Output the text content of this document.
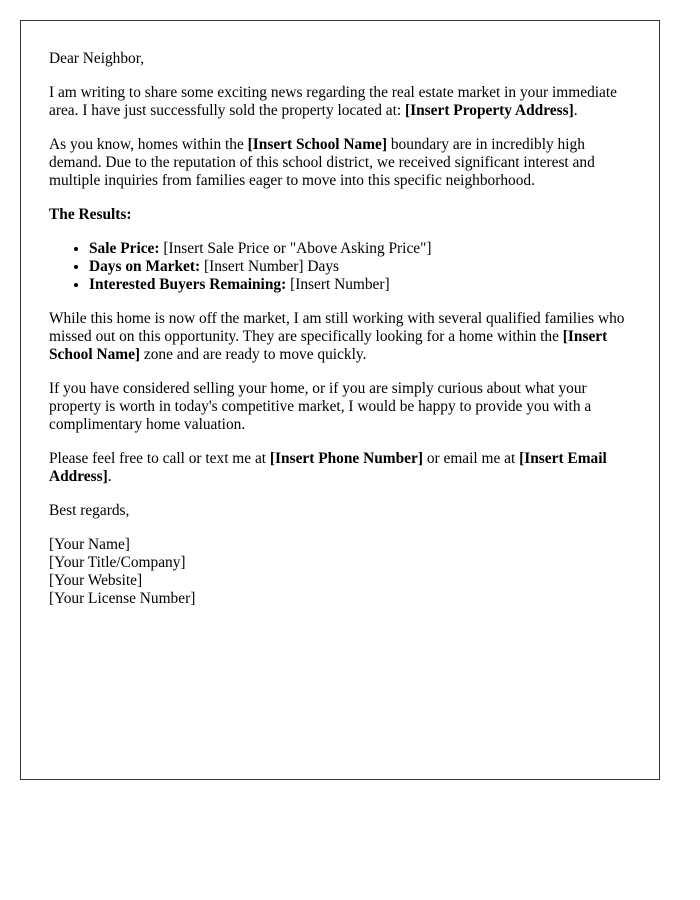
Dear Neighbor,

I am writing to share some exciting news regarding the real estate market in your immediate area. I have just successfully sold the property located at: [Insert Property Address].

As you know, homes within the [Insert School Name] boundary are in incredibly high demand. Due to the reputation of this school district, we received significant interest and multiple inquiries from families eager to move into this specific neighborhood.

The Results:

• Sale Price: [Insert Sale Price or "Above Asking Price"]
• Days on Market: [Insert Number] Days
• Interested Buyers Remaining: [Insert Number]

While this home is now off the market, I am still working with several qualified families who missed out on this opportunity. They are specifically looking for a home within the [Insert School Name] zone and are ready to move quickly.

If you have considered selling your home, or if you are simply curious about what your property is worth in today's competitive market, I would be happy to provide you with a complimentary home valuation.

Please feel free to call or text me at [Insert Phone Number] or email me at [Insert Email Address].

Best regards,

[Your Name]
[Your Title/Company]
[Your Website]
[Your License Number]
